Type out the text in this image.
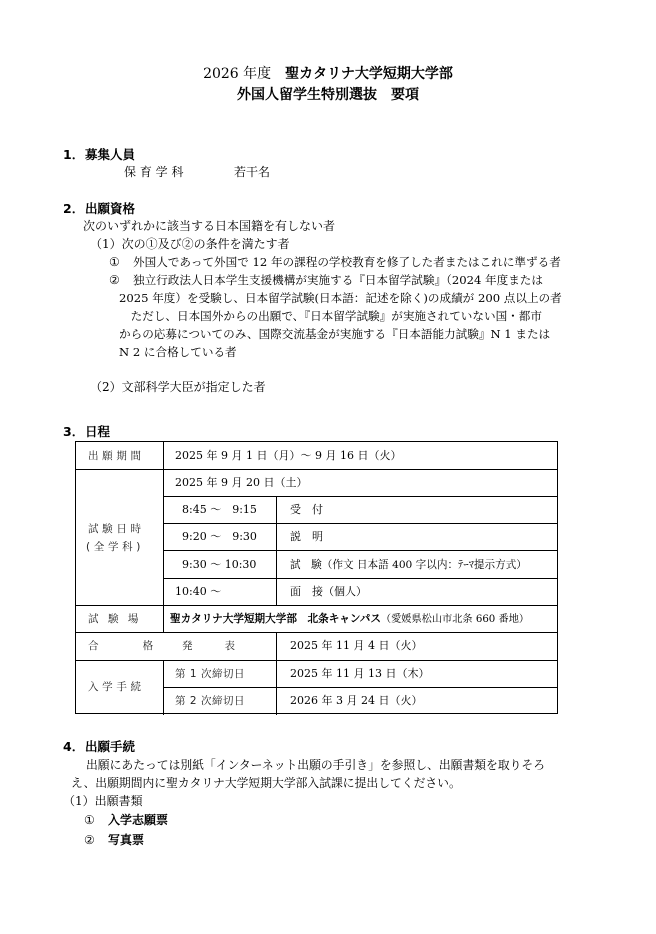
2026 年度　 聖カタリナ大学短期大学部
外国人留学生特別選抜　要項
1．募集人員
保 育 学 科	若干名
2．出願資格
次のいずれかに該当する日本国籍を有しない者
（1）次の①及び②の条件を満たす者
① 外国人であって外国で 12 年の課程の学校教育を修了した者またはこれに準ずる者
② 独立行政法人日本学生支援機構が実施する『日本留学試験』（2024 年度または
2025 年度）を受験し、日本留学試験(日本語：記述を除く)の成績が 200 点以上の者
　ただし、日本国外からの出願で、『日本留学試験』が実施されていない国・都市
からの応募についてのみ、国際交流基金が実施する『日本語能力試験』N 1 または
N 2 に合格している者
（2）文部科学大臣が指定した者
3．日程
出願期間	2025 年 9 月 1 日（月）～ 9 月 16 日（火）
試験日時
(全学科)
2025 年 9 月 20 日（土）
8:45 ～　9:15	受　付
9:20 ～　9:30	説　明
9:30 ～ 10:30	試　験（作文 日本語 400 字以内：ﾃｰﾏ提示方式）
10:40 ～	面　接（個人）
試験場 聖カタリナ大学短期大学部　北条キャンパス（愛媛県松山市北条 660 番地）
合　格 発　　表	2025 年 11 月 4 日（火）
入学手続
第 1 次締切日	2025 年 11 月 13 日（木）
第 2 次締切日	2026 年 3 月 24 日（火）
4．出願手続
出願にあたっては別紙「インターネット出願の手引き」を参照し、出願書類を取りそろ
え、出願期間内に聖カタリナ大学短期大学部入試課に提出してください。
（1）出願書類
① 入学志願票
② 写真票
